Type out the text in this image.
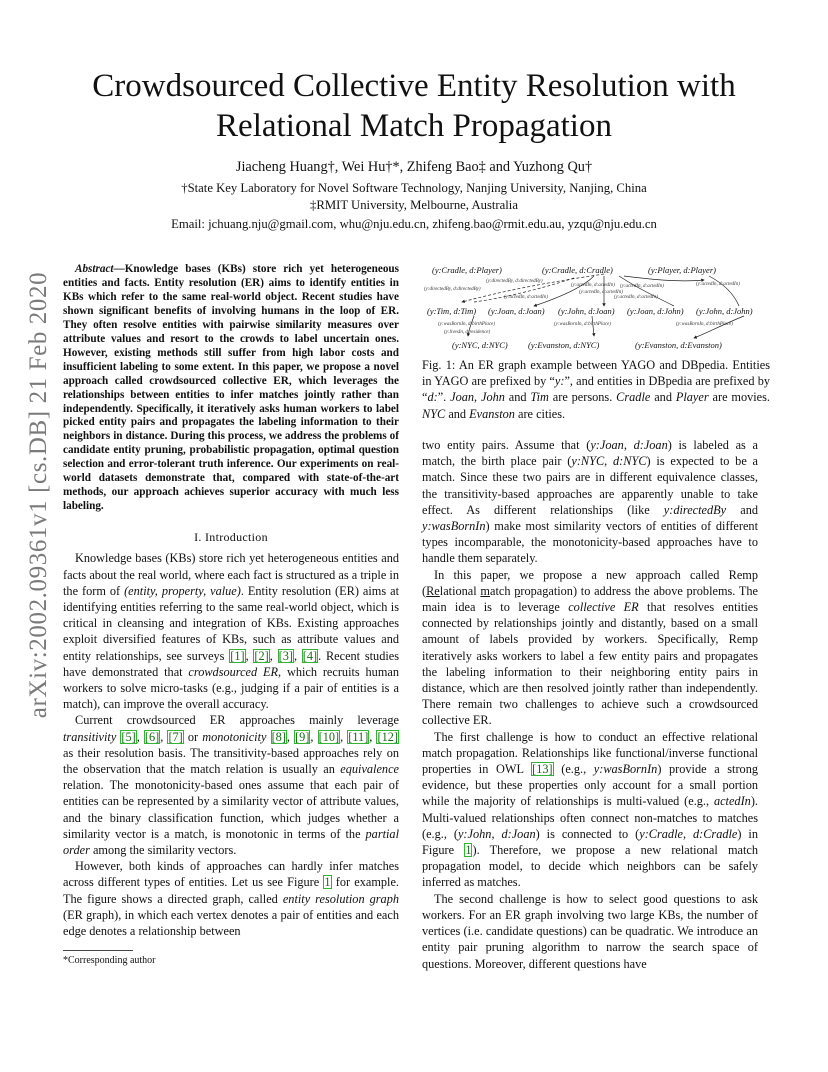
arXiv:2002.09361v1 [cs.DB] 21 Feb 2020
Crowdsourced Collective Entity Resolution with
Relational Match Propagation
Jiacheng Huang†, Wei Hu†*, Zhifeng Bao‡ and Yuzhong Qu†
†State Key Laboratory for Novel Software Technology, Nanjing University, Nanjing, China
‡RMIT University, Melbourne, Australia
Email: jchuang.nju@gmail.com, whu@nju.edu.cn, zhifeng.bao@rmit.edu.au, yzqu@nju.edu.cn

Abstract—Knowledge bases (KBs) store rich yet heterogeneous entities and facts. Entity resolution (ER) aims to identify entities in KBs which refer to the same real-world object. Recent studies have shown significant benefits of involving humans in the loop of ER. They often resolve entities with pairwise similarity measures over attribute values and resort to the crowds to label uncertain ones. However, existing methods still suffer from high labor costs and insufficient labeling to some extent. In this paper, we propose a novel approach called crowdsourced collective ER, which leverages the relationships between entities to infer matches jointly rather than independently. Specifically, it iteratively asks human workers to label picked entity pairs and propagates the labeling information to their neighbors in distance. During this process, we address the problems of candidate entity pruning, probabilistic propagation, optimal question selection and error-tolerant truth inference. Our experiments on real-world datasets demonstrate that, compared with state-of-the-art methods, our approach achieves superior accuracy with much less labeling.

I. Introduction

Knowledge bases (KBs) store rich yet heterogeneous entities and facts about the real world, where each fact is structured as a triple in the form of (entity, property, value). Entity resolution (ER) aims at identifying entities referring to the same real-world object, which is critical in cleansing and integration of KBs. Existing approaches exploit diversified features of KBs, such as attribute values and entity relationships, see surveys [1], [2], [3], [4]. Recent studies have demonstrated that crowdsourced ER, which recruits human workers to solve micro-tasks (e.g., judging if a pair of entities is a match), can improve the overall accuracy.

Current crowdsourced ER approaches mainly leverage transitivity [5], [6], [7] or monotonicity [8], [9], [10], [11], [12] as their resolution basis. The transitivity-based approaches rely on the observation that the match relation is usually an equivalence relation. The monotonicity-based ones assume that each pair of entities can be represented by a similarity vector of attribute values, and the binary classification function, which judges whether a similarity vector is a match, is monotonic in terms of the partial order among the similarity vectors.

However, both kinds of approaches can hardly infer matches across different types of entities. Let us see Figure 1 for example. The figure shows a directed graph, called entity resolution graph (ER graph), in which each vertex denotes a pair of entities and each edge denotes a relationship between

*Corresponding author
(y:Cradle, d:Player)	(y:Cradle, d:Cradle)	(y:Player, d:Player)
(y:Tim, d:Tim) (y:Joan, d:Joan) (y:John, d:Joan) (y:Joan, d:John) (y:John, d:John)
(y:NYC, d:NYC) (y:Evanston, d:NYC)	(y:Evanston, d:Evanston)
(y:directedBy, d:directedBy)
(y:directedBy, d:directedBy)
(y:actedIn, d:actedIn)
(y:actedIn, d:actedIn)
(y:actedIn, d:actedIn)
(y:actedIn, d:actedIn)
(y:actedIn, d:actedIn)
(y:actedIn, d:actedIn)
(y:wasBornIn, d:birthPlace)
(y:livesIn, d:residence)
(y:wasBornIn, d:birthPlace)	(y:wasBornIn, d:birthPlace)
Fig. 1: An ER graph example between YAGO and DBpedia. Entities in YAGO are prefixed by “y:”, and entities in DBpedia are prefixed by “d:”. Joan, John and Tim are persons. Cradle and Player are movies. NYC and Evanston are cities.

two entity pairs. Assume that (y:Joan, d:Joan) is labeled as a match, the birth place pair (y:NYC, d:NYC) is expected to be a match. Since these two pairs are in different equivalence classes, the transitivity-based approaches are apparently unable to take effect. As different relationships (like y:directedBy and y:wasBornIn) make most similarity vectors of entities of different types incomparable, the monotonicity-based approaches have to handle them separately.

In this paper, we propose a new approach called Remp (Relational match propagation) to address the above problems. The main idea is to leverage collective ER that resolves entities connected by relationships jointly and distantly, based on a small amount of labels provided by workers. Specifically, Remp iteratively asks workers to label a few entity pairs and propagates the labeling information to their neighboring entity pairs in distance, which are then resolved jointly rather than independently. There remain two challenges to achieve such a crowdsourced collective ER.

The first challenge is how to conduct an effective relational match propagation. Relationships like functional/inverse functional properties in OWL [13] (e.g., y:wasBornIn) provide a strong evidence, but these properties only account for a small portion while the majority of relationships is multi-valued (e.g., actedIn). Multi-valued relationships often connect non-matches to matches (e.g., (y:John, d:Joan) is connected to (y:Cradle, d:Cradle) in Figure 1). Therefore, we propose a new relational match propagation model, to decide which neighbors can be safely inferred as matches.

The second challenge is how to select good questions to ask workers. For an ER graph involving two large KBs, the number of vertices (i.e. candidate questions) can be quadratic. We introduce an entity pair pruning algorithm to narrow the search space of questions. Moreover, different questions have
